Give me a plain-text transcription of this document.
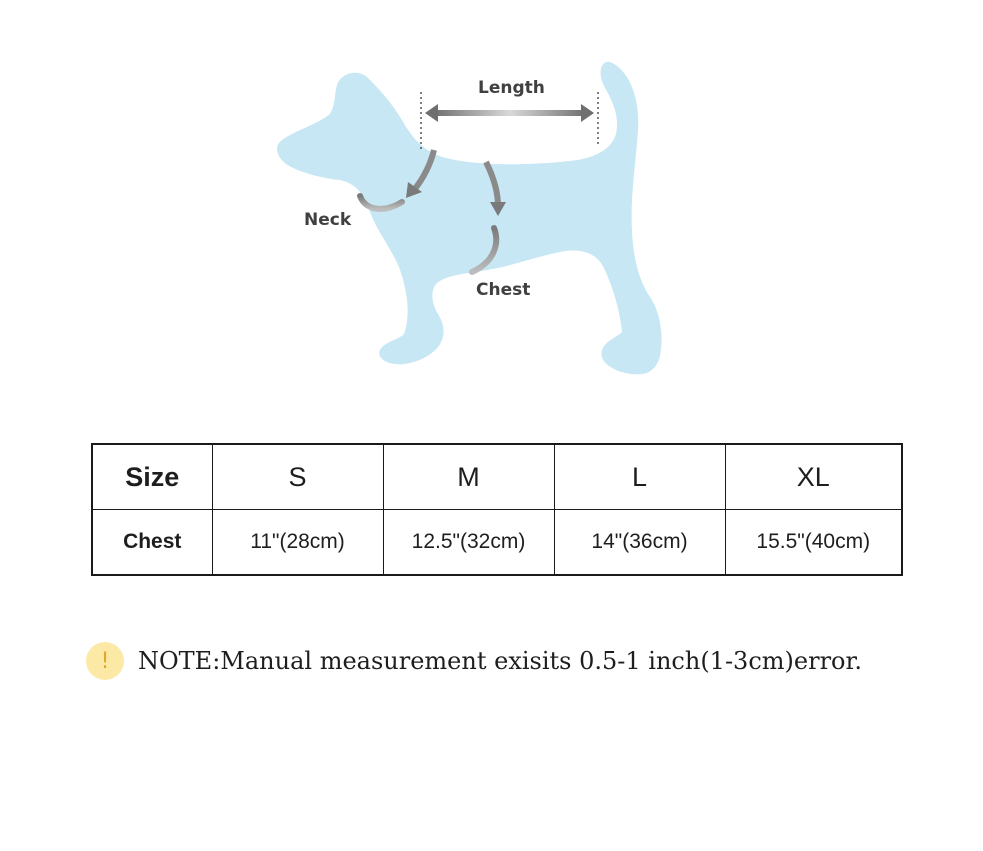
Length
Neck
Chest
Size	S	M	L	XL
Chest	11"(28cm)	12.5"(32cm)	14"(36cm)	15.5"(40cm)
!	NOTE:Manual measurement exisits 0.5-1 inch(1-3cm)error.
